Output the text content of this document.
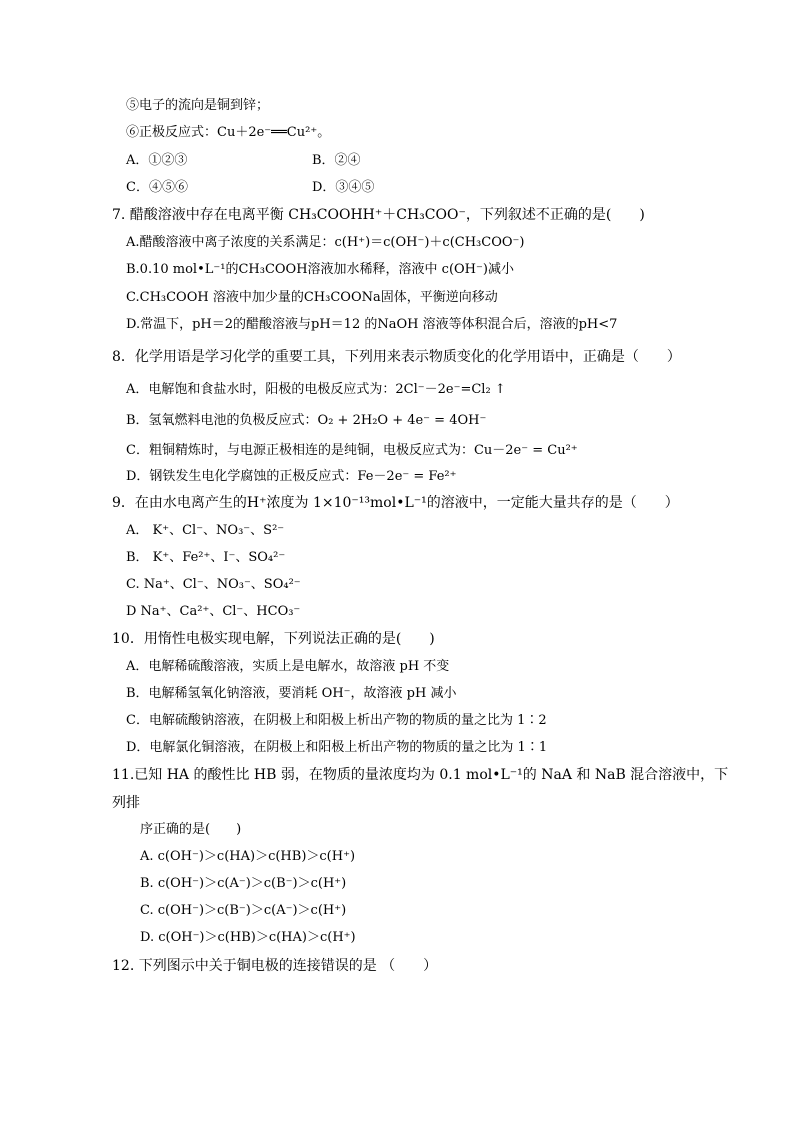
⑤电子的流向是铜到锌；
⑥正极反应式：Cu＋2e⁻══Cu²⁺。
A．①②③	B．②④
C．④⑤⑥	D．③④⑤
7. 醋酸溶液中存在电离平衡 CH₃COOHH⁺＋CH₃COO⁻，下列叙述不正确的是(　　)
A.醋酸溶液中离子浓度的关系满足：c(H⁺)＝c(OH⁻)＋c(CH₃COO⁻)
B.0.10 mol•L⁻¹的CH₃COOH溶液加水稀释，溶液中 c(OH⁻)减小
C.CH₃COOH 溶液中加少量的CH₃COONa固体，平衡逆向移动
D.常温下，pH＝2的醋酸溶液与pH＝12 的NaOH 溶液等体积混合后，溶液的pH<7
8．化学用语是学习化学的重要工具，下列用来表示物质变化的化学用语中，正确是（　　）
A．电解饱和食盐水时，阳极的电极反应式为：2Cl⁻－2e⁻=Cl₂ ↑
B．氢氧燃料电池的负极反应式：O₂ + 2H₂O + 4e⁻ = 4OH⁻
C．粗铜精炼时，与电源正极相连的是纯铜，电极反应式为：Cu－2e⁻ = Cu²⁺
D．钢铁发生电化学腐蚀的正极反应式：Fe－2e⁻ = Fe²⁺
9．在由水电离产生的H⁺浓度为 1×10⁻¹³mol•L⁻¹的溶液中，一定能大量共存的是（　　）
A． K⁺、Cl⁻、NO₃⁻、S²⁻
B． K⁺、Fe²⁺、I⁻、SO₄²⁻
C. Na⁺、Cl⁻、NO₃⁻、SO₄²⁻
D Na⁺、Ca²⁺、Cl⁻、HCO₃⁻
10．用惰性电极实现电解，下列说法正确的是(　　)
A．电解稀硫酸溶液，实质上是电解水，故溶液 pH 不变
B．电解稀氢氧化钠溶液，要消耗 OH⁻，故溶液 pH 减小
C．电解硫酸钠溶液，在阴极上和阳极上析出产物的物质的量之比为 1∶2
D．电解氯化铜溶液，在阴极上和阳极上析出产物的物质的量之比为 1∶1
11.已知 HA 的酸性比 HB 弱，在物质的量浓度均为 0.1 mol•L⁻¹的 NaA 和 NaB 混合溶液中，下
列排
序正确的是(　　)
A. c(OH⁻)＞c(HA)＞c(HB)＞c(H⁺)
B. c(OH⁻)＞c(A⁻)＞c(B⁻)＞c(H⁺)
C. c(OH⁻)＞c(B⁻)＞c(A⁻)＞c(H⁺)
D. c(OH⁻)＞c(HB)＞c(HA)＞c(H⁺)
12. 下列图示中关于铜电极的连接错误的是 （　　）
